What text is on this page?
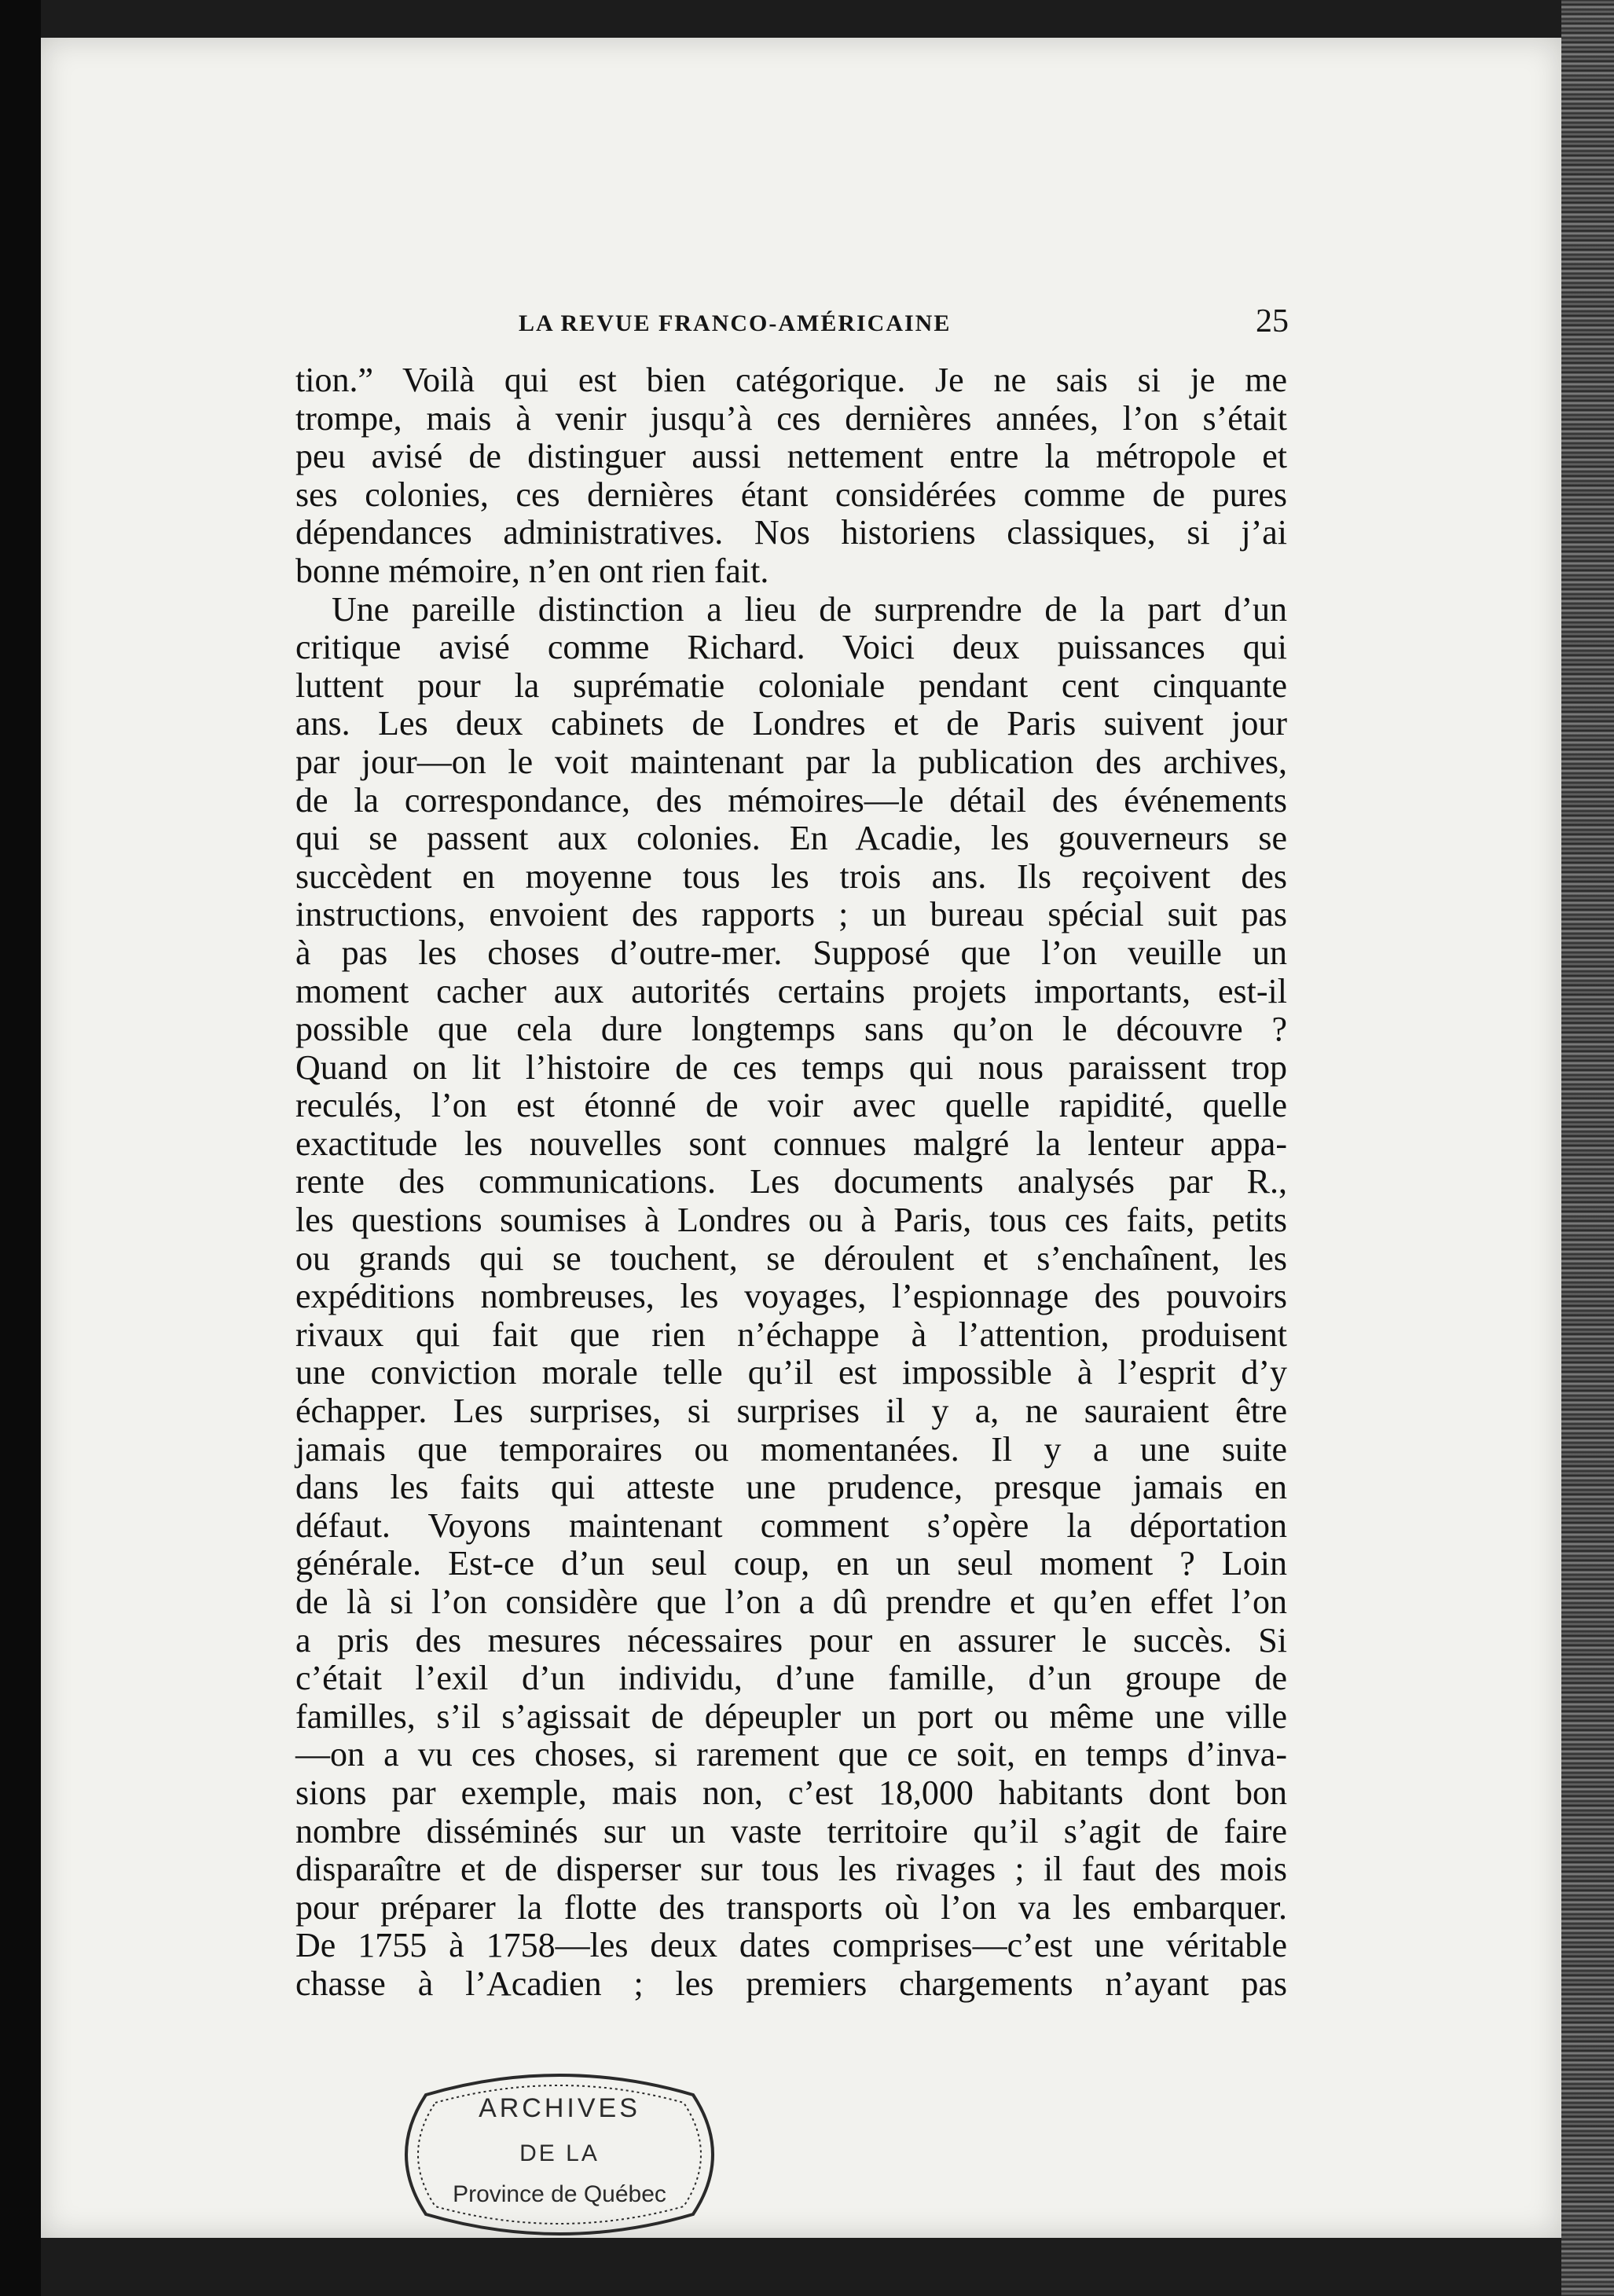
LA REVUE FRANCO-AMÉRICAINE	25
tion.” Voilà qui est bien catégorique. Je ne sais si je me
trompe, mais à venir jusqu’à ces dernières années, l’on s’était
peu avisé de distinguer aussi nettement entre la métropole et
ses colonies, ces dernières étant considérées comme de pures
dépendances administratives. Nos historiens classiques, si j’ai
bonne mémoire, n’en ont rien fait.
Une pareille distinction a lieu de surprendre de la part d’un
critique avisé comme Richard. Voici deux puissances qui
luttent pour la suprématie coloniale pendant cent cinquante
ans. Les deux cabinets de Londres et de Paris suivent jour
par jour—on le voit maintenant par la publication des archives,
de la correspondance, des mémoires—le détail des événements
qui se passent aux colonies. En Acadie, les gouverneurs se
succèdent en moyenne tous les trois ans. Ils reçoivent des
instructions, envoient des rapports ; un bureau spécial suit pas
à pas les choses d’outre-mer. Supposé que l’on veuille un
moment cacher aux autorités certains projets importants, est-il
possible que cela dure longtemps sans qu’on le découvre ?
Quand on lit l’histoire de ces temps qui nous paraissent trop
reculés, l’on est étonné de voir avec quelle rapidité, quelle
exactitude les nouvelles sont connues malgré la lenteur appa-
rente des communications. Les documents analysés par R.,
les questions soumises à Londres ou à Paris, tous ces faits, petits
ou grands qui se touchent, se déroulent et s’enchaînent, les
expéditions nombreuses, les voyages, l’espionnage des pouvoirs
rivaux qui fait que rien n’échappe à l’attention, produisent
une conviction morale telle qu’il est impossible à l’esprit d’y
échapper. Les surprises, si surprises il y a, ne sauraient être
jamais que temporaires ou momentanées. Il y a une suite
dans les faits qui atteste une prudence, presque jamais en
défaut. Voyons maintenant comment s’opère la déportation
générale. Est-ce d’un seul coup, en un seul moment ? Loin
de là si l’on considère que l’on a dû prendre et qu’en effet l’on
a pris des mesures nécessaires pour en assurer le succès. Si
c’était l’exil d’un individu, d’une famille, d’un groupe de
familles, s’il s’agissait de dépeupler un port ou même une ville
—on a vu ces choses, si rarement que ce soit, en temps d’inva-
sions par exemple, mais non, c’est 18,000 habitants dont bon
nombre disséminés sur un vaste territoire qu’il s’agit de faire
disparaître et de disperser sur tous les rivages ; il faut des mois
pour préparer la flotte des transports où l’on va les embarquer.
De 1755 à 1758—les deux dates comprises—c’est une véritable
chasse à l’Acadien ; les premiers chargements n’ayant pas
ARCHIVES
DE LA
Province de Québec
